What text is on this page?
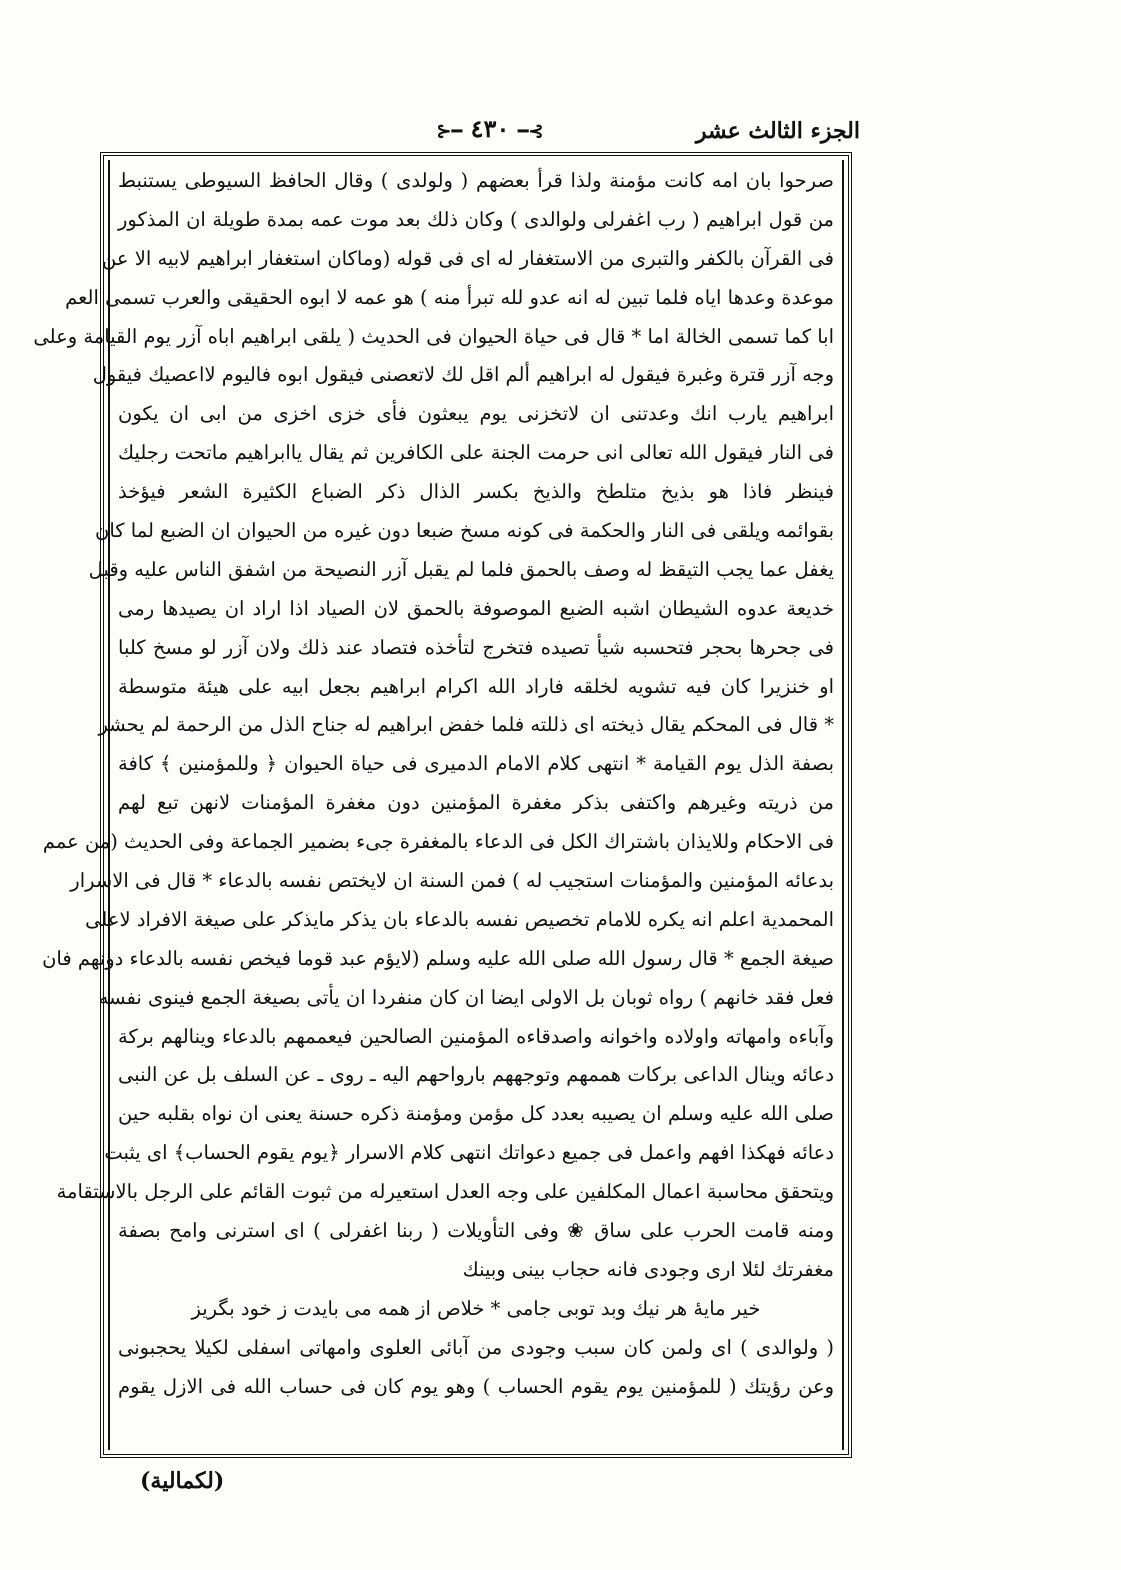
الجزء الثالث عشر
⊱━ ٤٣٠ ━⊰
صرحوا بان امه كانت مؤمنة ولذا قرأ بعضهم ( ولولدی ) وقال الحافظ السيوطی يستنبط
من قول ابراهيم ( رب اغفرلی ولوالدی ) وكان ذلك بعد موت عمه بمدة طويلة ان المذكور
فی القرآن بالكفر والتبری من الاستغفار له ای فی قوله (وماكان استغفار ابراهيم لابيه الا عن
موعدة وعدها اياه فلما تبين له انه عدو لله تبرأ منه ) هو عمه لا ابوه الحقيقی والعرب تسمی العم
ابا كما تسمی الخالة اما * قال فی حياة الحيوان فی الحديث ( يلقی ابراهيم اباه آزر يوم القيامة وعلی
وجه آزر قترة وغبرة فيقول له ابراهيم ألم اقل لك لاتعصنی فيقول ابوه فاليوم لااعصيك فيقول
ابراهيم يارب انك وعدتنی ان لاتخزنی يوم يبعثون فأی خزی اخزی من ابی ان يكون
فی النار فيقول الله تعالی انی حرمت الجنة علی الكافرين ثم يقال ياابراهيم ماتحت رجليك
فينظر فاذا هو بذيخ متلطخ والذيخ بكسر الذال ذكر الضباع الكثيرة الشعر فيؤخذ
بقوائمه ويلقی فی النار والحكمة فی كونه مسخ ضبعا دون غيره من الحيوان ان الضبع لما كان
يغفل عما يجب التيقظ له وصف بالحمق فلما لم يقبل آزر النصيحة من اشفق الناس عليه وقبل
خديعة عدوه الشيطان اشبه الضبع الموصوفة بالحمق لان الصياد اذا اراد ان يصيدها رمی
فی جحرها بحجر فتحسبه شيأ تصيده فتخرج لتأخذه فتصاد عند ذلك ولان آزر لو مسخ كلبا
او خنزيرا كان فيه تشويه لخلقه فاراد الله اكرام ابراهيم بجعل ابيه علی هيئة متوسطة
* قال فی المحكم يقال ذيخته ای ذللته فلما خفض ابراهيم له جناح الذل من الرحمة لم يحشر
بصفة الذل يوم القيامة * انتهی كلام الامام الدميری فی حياة الحيوان ﴿ وللمؤمنين ﴾ كافة
من ذريته وغيرهم واكتفی بذكر مغفرة المؤمنين دون مغفرة المؤمنات لانهن تبع لهم
فی الاحكام وللايذان باشتراك الكل فی الدعاء بالمغفرة جیء بضمير الجماعة وفی الحديث (من عمم
بدعائه المؤمنين والمؤمنات استجيب له ) فمن السنة ان لايختص نفسه بالدعاء * قال فی الاسرار
المحمدية اعلم انه يكره للامام تخصيص نفسه بالدعاء بان يذكر مايذكر علی صيغة الافراد لاعلی
صيغة الجمع * قال رسول الله صلی الله عليه وسلم (لايؤم عبد قوما فيخص نفسه بالدعاء دونهم فان
فعل فقد خانهم ) رواه ثوبان بل الاولی ايضا ان كان منفردا ان يأتی بصيغة الجمع فينوی نفسه
وآباءه وامهاته واولاده واخوانه واصدقاءه المؤمنين الصالحين فيعممهم بالدعاء وينالهم بركة
دعائه وينال الداعی بركات هممهم وتوجههم بارواحهم اليه ـ روی ـ عن السلف بل عن النبی
صلی الله عليه وسلم ان يصيبه بعدد كل مؤمن ومؤمنة ذكره حسنة يعنی ان نواه بقلبه حين
دعائه فهكذا افهم واعمل فی جميع دعواتك انتهی كلام الاسرار ﴿يوم يقوم الحساب﴾ ای يثبت
ويتحقق محاسبة اعمال المكلفين علی وجه العدل استعيرله من ثبوت القائم علی الرجل بالاستقامة
ومنه قامت الحرب علی ساق ❀ وفی التأويلات ( ربنا اغفرلی ) ای استرنی وامح بصفة
مغفرتك لئلا اری وجودی فانه حجاب بينی وبينك
خير مايهٔ هر نيك وبد توبی جامی * خلاص از همه می بايدت ز خود بگريز
( ولوالدی ) ای ولمن كان سبب وجودی من آبائی العلوی وامهاتی اسفلی لكيلا يحجبونی
وعن رؤيتك ( للمؤمنين يوم يقوم الحساب ) وهو يوم كان فی حساب الله فی الازل يقوم
(لكمالية)
